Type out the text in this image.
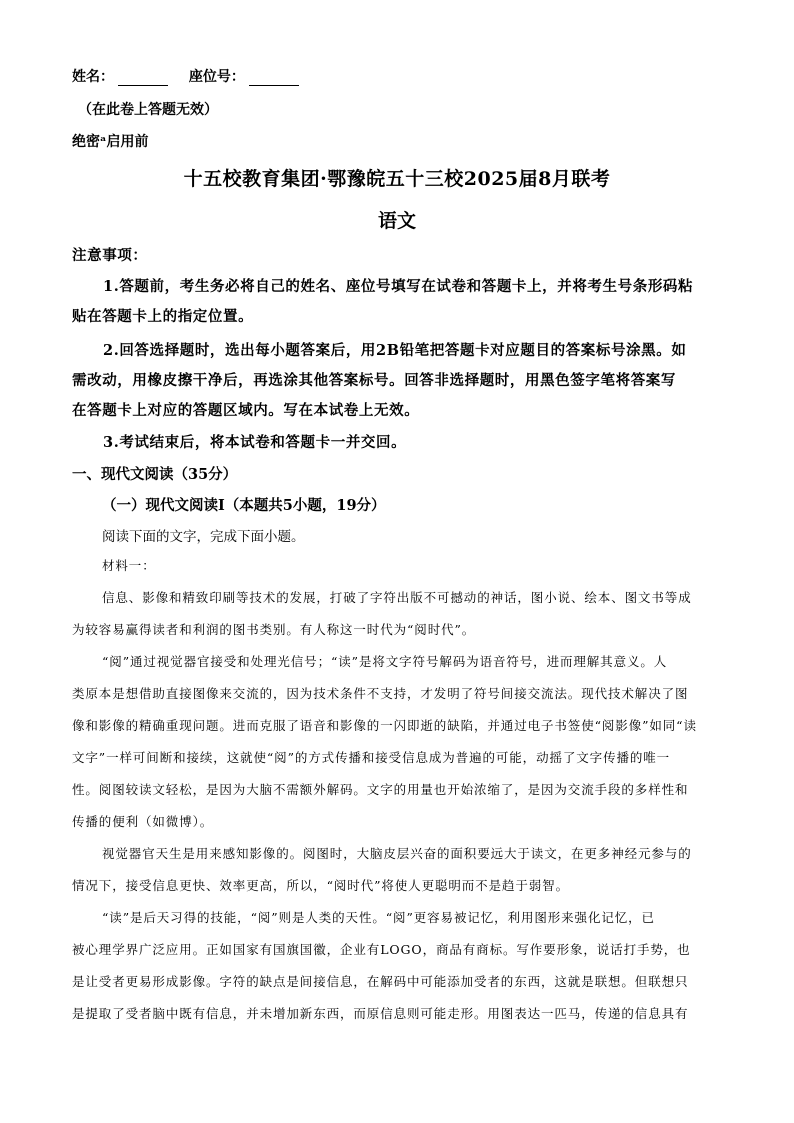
姓名：	座位号：
（在此卷上答题无效）
绝密ᵃ启用前
十五校教育集团·鄂豫皖五十三校2025届8月联考
语文
注意事项：
1.答题前，考生务必将自己的姓名、座位号填写在试卷和答题卡上，并将考生号条形码粘
贴在答题卡上的指定位置。
2.回答选择题时，选出每小题答案后，用2B铅笔把答题卡对应题目的答案标号涂黑。如
需改动，用橡皮擦干净后，再选涂其他答案标号。回答非选择题时，用黑色签字笔将答案写
在答题卡上对应的答题区域内。写在本试卷上无效。
3.考试结束后，将本试卷和答题卡一并交回。
一、现代文阅读（35分）
（一）现代文阅读Ⅰ（本题共5小题，19分）
阅读下面的文字，完成下面小题。
材料一：
信息、影像和精致印刷等技术的发展，打破了字符出版不可撼动的神话，图小说、绘本、图文书等成
为较容易赢得读者和利润的图书类别。有人称这一时代为“阅时代”。
“阅”通过视觉器官接受和处理光信号；“读”是将文字符号解码为语音符号，进而理解其意义。人
类原本是想借助直接图像来交流的，因为技术条件不支持，才发明了符号间接交流法。现代技术解决了图
像和影像的精确重现问题。进而克服了语音和影像的一闪即逝的缺陷，并通过电子书签使“阅影像”如同“读
文字”一样可间断和接续，这就使“阅”的方式传播和接受信息成为普遍的可能，动摇了文字传播的唯一
性。阅图较读文轻松，是因为大脑不需额外解码。文字的用量也开始浓缩了，是因为交流手段的多样性和
传播的便利（如微博）。
视觉器官天生是用来感知影像的。阅图时，大脑皮层兴奋的面积要远大于读文，在更多神经元参与的
情况下，接受信息更快、效率更高，所以，“阅时代”将使人更聪明而不是趋于弱智。
“读”是后天习得的技能，“阅”则是人类的天性。“阅”更容易被记忆，利用图形来强化记忆，已
被心理学界广泛应用。正如国家有国旗国徽，企业有LOGO，商品有商标。写作要形象，说话打手势，也
是让受者更易形成影像。字符的缺点是间接信息，在解码中可能添加受者的东西，这就是联想。但联想只
是提取了受者脑中既有信息，并未增加新东西，而原信息则可能走形。用图表达一匹马，传递的信息具有
